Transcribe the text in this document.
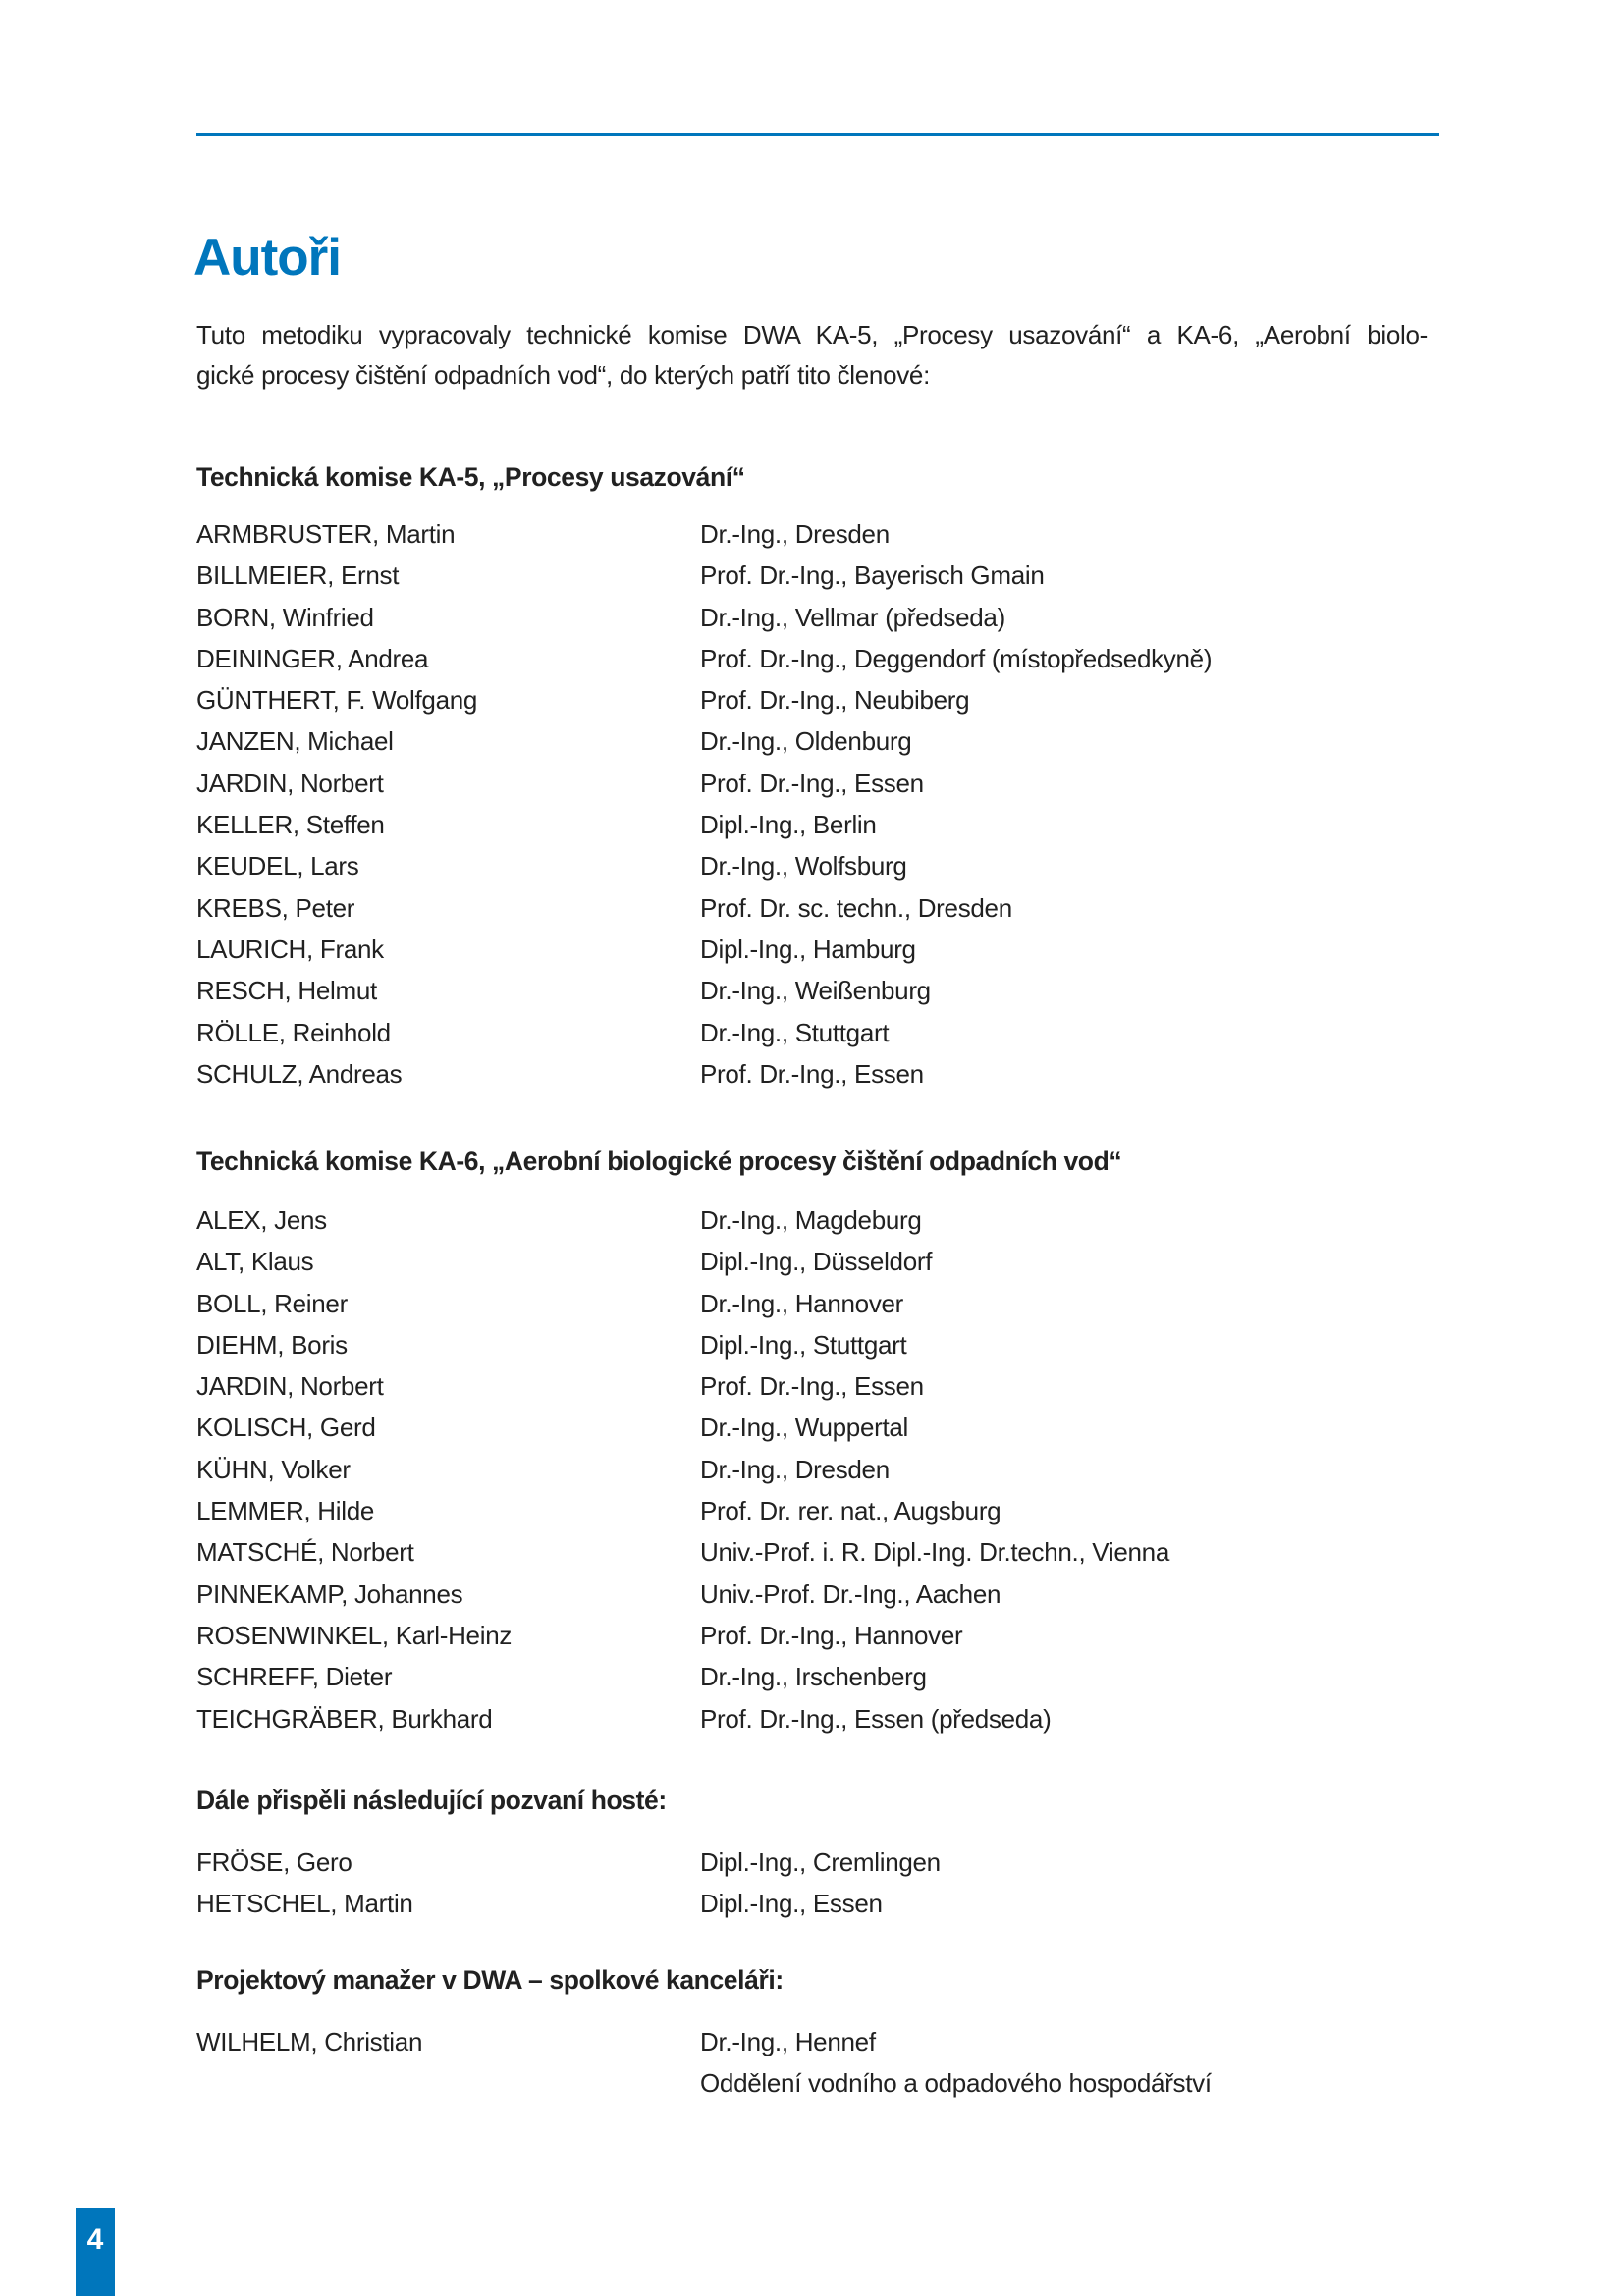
Autoři
Tuto metodiku vypracovaly technické komise DWA KA-5, „Procesy usazování“ a KA-6, „Aerobní biolo-
gické procesy čištění odpadních vod“, do kterých patří tito členové:
Technická komise KA-5, „Procesy usazování“
ARMBRUSTER, Martin	Dr.-Ing., Dresden
BILLMEIER, Ernst	Prof. Dr.-Ing., Bayerisch Gmain
BORN, Winfried	Dr.-Ing., Vellmar (předseda)
DEININGER, Andrea	Prof. Dr.-Ing., Deggendorf (místopředsedkyně)
GÜNTHERT, F. Wolfgang	Prof. Dr.-Ing., Neubiberg
JANZEN, Michael	Dr.-Ing., Oldenburg
JARDIN, Norbert	Prof. Dr.-Ing., Essen
KELLER, Steffen	Dipl.-Ing., Berlin
KEUDEL, Lars	Dr.-Ing., Wolfsburg
KREBS, Peter	Prof. Dr. sc. techn., Dresden
LAURICH, Frank	Dipl.-Ing., Hamburg
RESCH, Helmut	Dr.-Ing., Weißenburg
RÖLLE, Reinhold	Dr.-Ing., Stuttgart
SCHULZ, Andreas	Prof. Dr.-Ing., Essen
Technická komise KA-6, „Aerobní biologické procesy čištění odpadních vod“
ALEX, Jens	Dr.-Ing., Magdeburg
ALT, Klaus	Dipl.-Ing., Düsseldorf
BOLL, Reiner	Dr.-Ing., Hannover
DIEHM, Boris	Dipl.-Ing., Stuttgart
JARDIN, Norbert	Prof. Dr.-Ing., Essen
KOLISCH, Gerd	Dr.-Ing., Wuppertal
KÜHN, Volker	Dr.-Ing., Dresden
LEMMER, Hilde	Prof. Dr. rer. nat., Augsburg
MATSCHÉ, Norbert	Univ.-Prof. i. R. Dipl.-Ing. Dr.techn., Vienna
PINNEKAMP, Johannes	Univ.-Prof. Dr.-Ing., Aachen
ROSENWINKEL, Karl-Heinz	Prof. Dr.-Ing., Hannover
SCHREFF, Dieter	Dr.-Ing., Irschenberg
TEICHGRÄBER, Burkhard	Prof. Dr.-Ing., Essen (předseda)
Dále přispěli následující pozvaní hosté:
FRÖSE, Gero	Dipl.-Ing., Cremlingen
HETSCHEL, Martin	Dipl.-Ing., Essen
Projektový manažer v DWA – spolkové kanceláři:
WILHELM, Christian	Dr.-Ing., Hennef
Oddělení vodního a odpadového hospodářství
4
